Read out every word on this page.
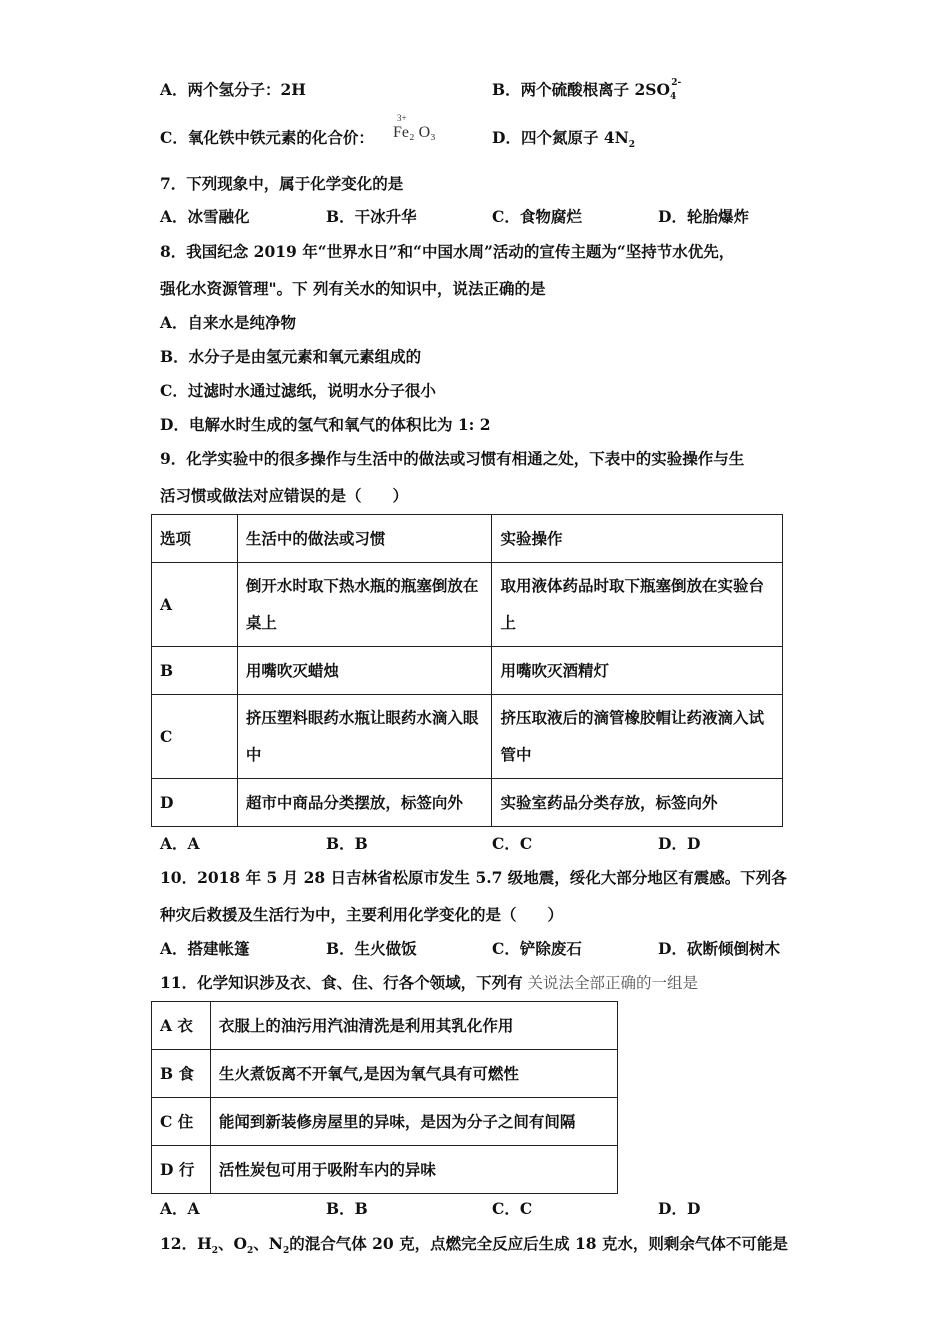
A．两个氢分子：2H	B．两个硫酸根离子 $2SO_4^{2-}$
C．氧化铁中铁元素的化合价：
3+
Fe₂ O₃	D．四个氮原子 $4N_2$
7．下列现象中，属于化学变化的是
A．冰雪融化	B．干冰升华	C．食物腐烂	D．轮胎爆炸
8．我国纪念 2019 年“世界水日”和“中国水周”活动的宣传主题为“坚持节水优先，
强化水资源管理"。下 列有关水的知识中，说法正确的是
A．自来水是纯净物
B．水分子是由氢元素和氧元素组成的
C．过滤时水通过滤纸，说明水分子很小
D．电解水时生成的氢气和氧气的体积比为 1: 2
9．化学实验中的很多操作与生活中的做法或习惯有相通之处，下表中的实验操作与生
活习惯或做法对应错误的是（　　）
选项	生活中的做法或习惯	实验操作

A	倒开水时取下热水瓶的瓶塞倒放在桌上	取用液体药品时取下瓶塞倒放在实验台上

B	用嘴吹灭蜡烛	用嘴吹灭酒精灯

C	挤压塑料眼药水瓶让眼药水滴入眼中	挤压取液后的滴管橡胶帽让药液滴入试管中

D	超市中商品分类摆放，标签向外	实验室药品分类存放，标签向外
A．A	B．B	C．C	D．D
10．2018 年 5 月 28 日吉林省松原市发生 5.7 级地震，绥化大部分地区有震感。下列各
种灾后救援及生活行为中，主要利用化学变化的是（　　）
A．搭建帐篷	B．生火做饭	C．铲除废石	D．砍断倾倒树木
11．化学知识涉及衣、食、住、行各个领域，下列有 关说法全部正确的一组是
A 衣	衣服上的油污用汽油清洗是利用其乳化作用

B 食	生火煮饭离不开氧气,是因为氧气具有可燃性

C 住	能闻到新装修房屋里的异味，是因为分子之间有间隔

D 行	活性炭包可用于吸附车内的异味
A．A	B．B	C．C	D．D
12．$H_2$、$O_2$、$N_2$的混合气体 20 克，点燃完全反应后生成 18 克水，则剩余气体不可能是
